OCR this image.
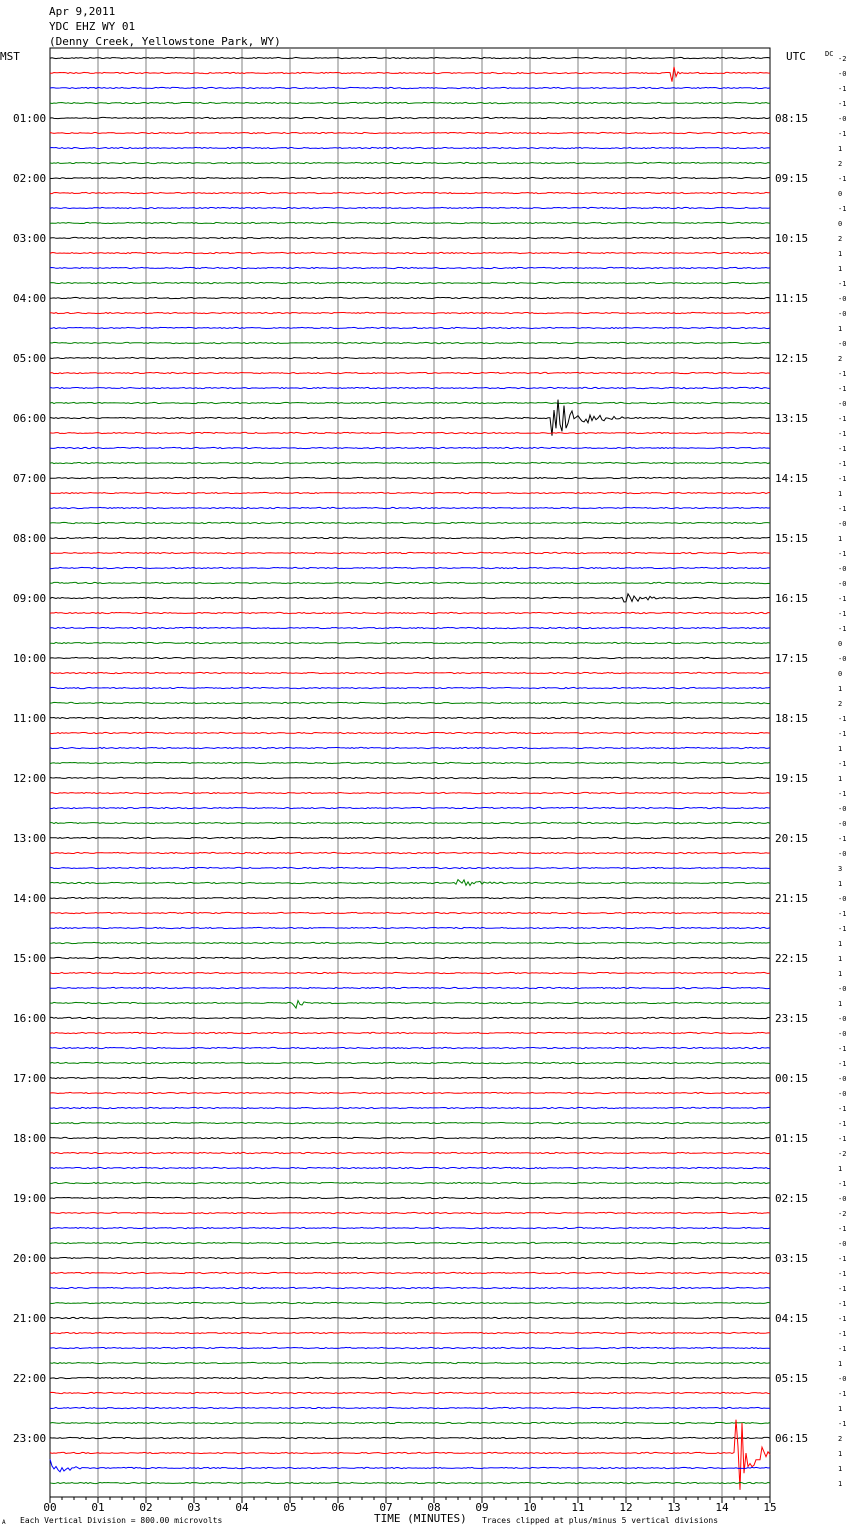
Apr 9,2011
YDC EHZ WY 01
(Denny Creek, Yellowstone Park, WY)
MST	UTC
01:00	08:15
02:00	09:15
03:00	10:15
04:00	11:15
05:00	12:15
06:00	13:15
07:00	14:15
08:00	15:15
09:00	16:15
10:00	17:15
11:00	18:15
12:00	19:15
13:00	20:15
14:00	21:15
15:00	22:15
16:00	23:15
17:00	00:15
18:00	01:15
19:00	02:15
20:00	03:15
21:00	04:15
22:00	05:15
23:00	06:15
DC
-2
-0
-1
-1
-0
-1
1
2
-1
0
-1
0
2
1
1
-1
-0
-0
1
-0
2
-1
-1
-0
-1
-1
-1
-1
-1
1
-1
-0
1
-1
-0
-0
-1
-1
-1
0
-0
0
1
2
-1
-1
1
-1
1
-1
-0
-0
-1
-0
3
1
-0
-1
-1
1
1
1
-0
1
-0
-0
-1
-1
-0
-0
-1
-1
-1
-2
1
-1
-0
-2
-1
-0
-1
-1
-1
-1
-1
-1
-1
1
-0
-1
1
-1
2
1
1
1
00	01	02	03	04	05	06	07	08	09	10	11	12	13	14	15
A Each Vertical Division = 800.00 microvolts	TIME (MINUTES) Traces clipped at plus/minus 5 vertical divisions
